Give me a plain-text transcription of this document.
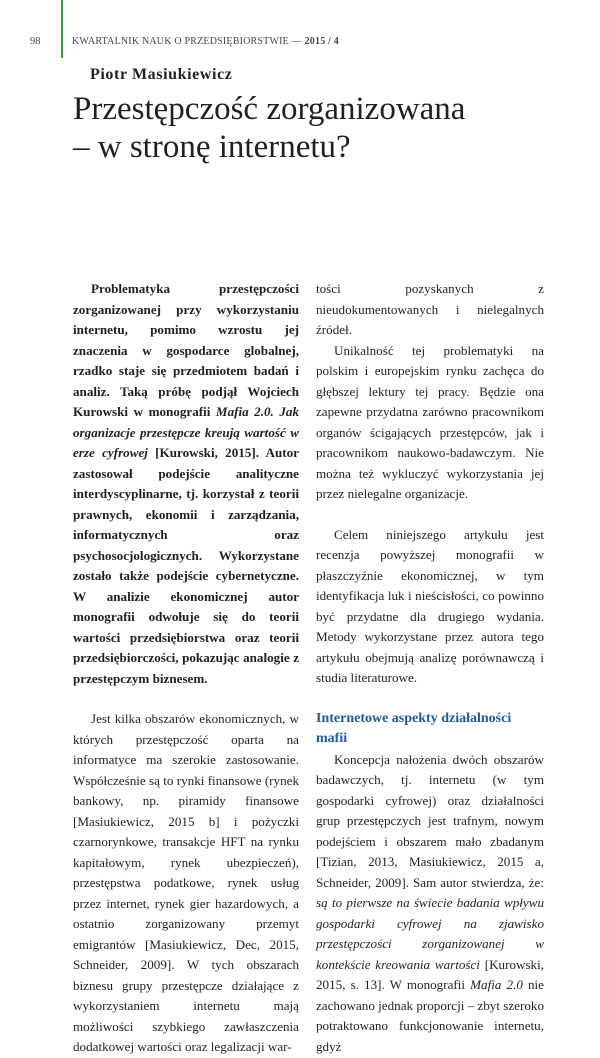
98	KWARTALNIK NAUK O PRZEDSIĘBIORSTWIE — 2015 / 4
Piotr Masiukiewicz
Przestępczość zorganizowana
– w stronę internetu?

Problematyka przestępczości zorganizowanej przy wykorzystaniu internetu, pomimo wzrostu jej znaczenia w gospodarce globalnej, rzadko staje się przedmiotem badań i analiz. Taką próbę podjął Wojciech Kurowski w monografii Mafia 2.0. Jak organizacje przestępcze kreują wartość w erze cyfrowej [Kurowski, 2015]. Autor zastosował podejście analityczne interdyscyplinarne, tj. korzystał z teorii prawnych, ekonomii i zarządzania, informatycznych oraz psychosocjologicznych. Wykorzystane zostało także podejście cybernetyczne. W analizie ekonomicznej autor monografii odwołuje się do teorii wartości przedsiębiorstwa oraz teorii przedsiębiorczości, pokazując analogie z przestępczym biznesem.

Jest kilka obszarów ekonomicznych, w których przestępczość oparta na informatyce ma szerokie zastosowanie. Współcześnie są to rynki finansowe (rynek bankowy, np. piramidy finansowe [Masiukiewicz, 2015 b] i pożyczki czarnorynkowe, transakcje HFT na rynku kapitałowym, rynek ubezpieczeń), przestępstwa podatkowe, rynek usług przez internet, rynek gier hazardowych, a ostatnio zorganizowany przemyt emigrantów [Masiukiewicz, Dec, 2015, Schneider, 2009]. W tych obszarach biznesu grupy przestępcze działające z wykorzystaniem internetu mają możliwości szybkiego zawłaszczenia dodatkowej wartości oraz legalizacji war-

tości pozyskanych z nieudokumentowanych i nielegalnych źródeł.

Unikalność tej problematyki na polskim i europejskim rynku zachęca do głębszej lektury tej pracy. Będzie ona zapewne przydatna zarówno pracownikom organów ścigających przestępców, jak i pracownikom naukowo-badawczym. Nie można też wykluczyć wykorzystania jej przez nielegalne organizacje.

Celem niniejszego artykułu jest recenzja powyższej monografii w płaszczyźnie ekonomicznej, w tym identyfikacja luk i nieścisłości, co powinno być przydatne dla drugiego wydania. Metody wykorzystane przez autora tego artykułu obejmują analizę porównawczą i studia literaturowe.

Internetowe aspekty działalności mafii

Koncepcja nałożenia dwóch obszarów badawczych, tj. internetu (w tym gospodarki cyfrowej) oraz działalności grup przestępczych jest trafnym, nowym podejściem i obszarem mało zbadanym [Tizian, 2013, Masiukiewicz, 2015 a, Schneider, 2009]. Sam autor stwierdza, że: są to pierwsze na świecie badania wpływu gospodarki cyfrowej na zjawisko przestępczości zorganizowanej w kontekście kreowania wartości [Kurowski, 2015, s. 13]. W monografii Mafia 2.0 nie zachowano jednak proporcji – zbyt szeroko potraktowano funkcjonowanie internetu, gdyż
